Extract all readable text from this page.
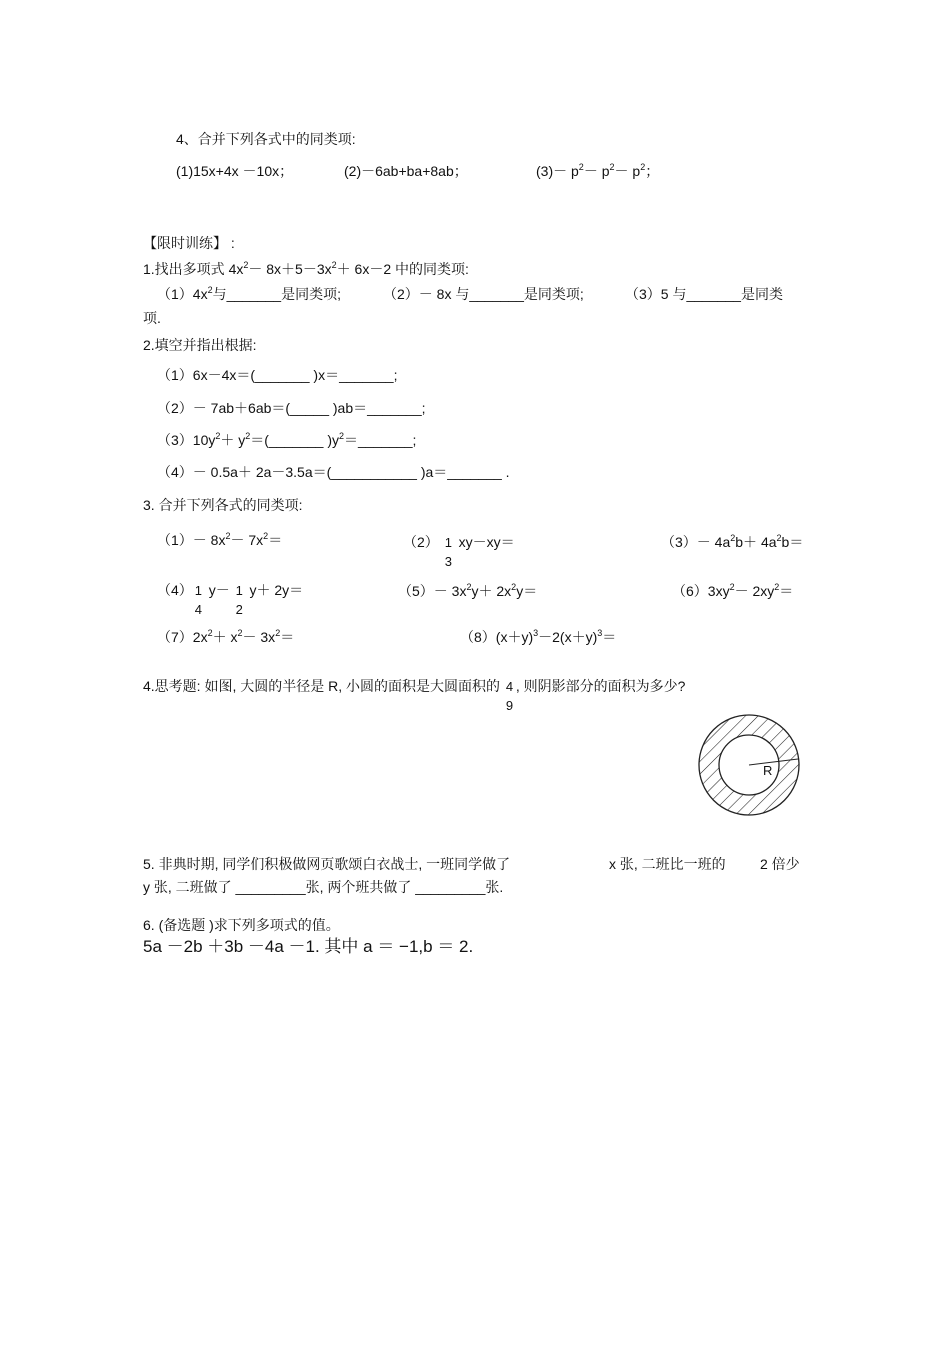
4、合并下列各式中的同类项:
(1)15x+4x －10x；	(2)－6ab+ba+8ab；	$(3)- p^2- p^2- p^2$；
【限时训练】 :
1.找出多项式 $4x^2- 8x+5-3x^2+ 6x-2$ 中的同类项:
$(1)4x^2$与_______是同类项;	（2）－ 8x 与_______是同类项;	（3）5 与_______是同类
项.
2.填空并指出根据:
（1）6x－4x＝(_______ )x＝_______;
（2）－ 7ab＋6ab＝(_____ )ab＝_______;
$(3)10y^2+$ $y^2=(\_\_\_\_\_\_\_$ )$y^2=\_\_\_\_\_\_\_$;
（4）－ 0.5a＋ 2a－3.5a＝(___________ )a＝_______ .
3. 合并下列各式的同类项:
$(1)- 8x^2- 7x^2=$	（2） 1
3
xy－xy＝	$(3)- 4a^2b+ 4a^2b=$
（4） 1
4
y－ 1
2
y＋ 2y＝	$(5)- 3x^2y+ 2x^2y=$	$(6)3xy^2- 2xy^2=$
$(7)2x^2+ x^2- 3x^2=$	$(8)(x+y)^3-2(x+y)^3=$
4.思考题: 如图, 大圆的半径是 R, 小圆的面积是大圆面积的 4
9
, 则阴影部分的面积为多少?
R
5. 非典时期, 同学们积极做网页歌颂白衣战士, 一班同学做了	x 张, 二班比一班的 2 倍少
y 张, 二班做了 _________张, 两个班共做了 _________张.
6. (备选题 )求下列多项式的值。
5a －2b ＋3b －4a －1. 其中 a ＝ −1,b ＝ 2.
